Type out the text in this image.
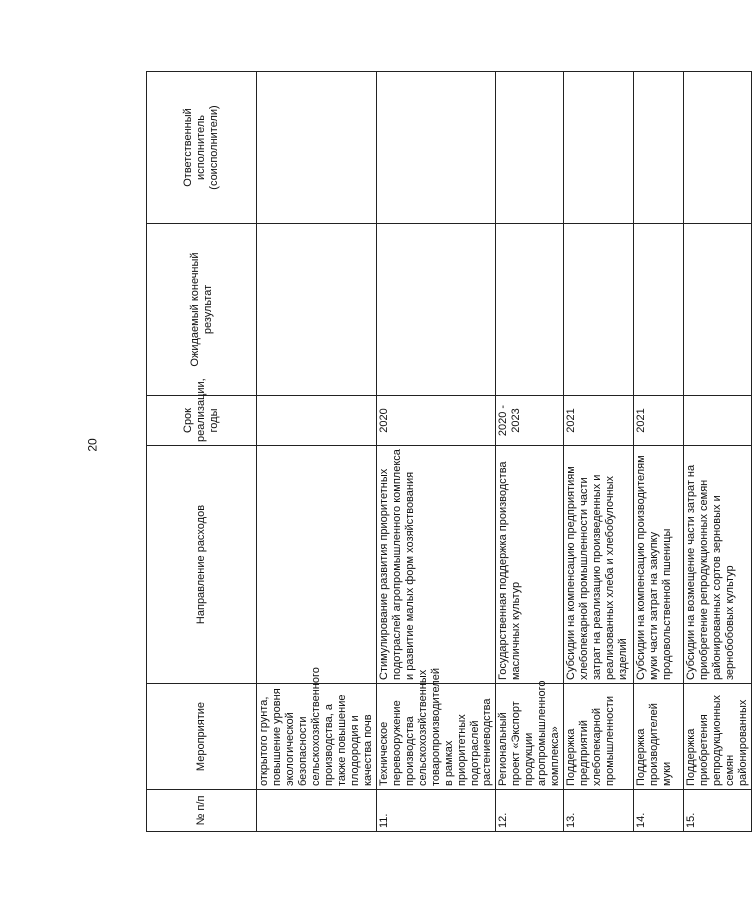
20
№ п/п	Мероприятие	Направление расходов	Срок реализации, годы	Ожидаемый конечный результат	Ответственный исполнитель (соисполнители)
	открытого грунта, повышение уровня экологической безопасности сельскохозяйственного производства, а также повышение плодородия и качества почв				
11.	Техническое перевооружение производства сельскохозяйственных товаропроизводителей в рамках приоритетных подотраслей растениеводства	Стимулирование развития приоритетных подотраслей агропромышленного комплекса и развитие малых форм хозяйствования	2020		
12.	Региональный проект «Экспорт продукции агропромышленного комплекса»	Государственная поддержка производства масличных культур	2020 - 2023		
13.	Поддержка предприятий хлебопекарной промышленности	Субсидии на компенсацию предприятиям хлебопекарной промышленности части затрат на реализацию произведенных и реализованных хлеба и хлебобулочных изделий	2021		
14.	Поддержка производителей муки	Субсидии на компенсацию производителям муки части затрат на закупку продовольственной пшеницы	2021		
15.	Поддержка приобретения репродукционных семян районированных	Субсидии на возмещение части затрат на приобретение репродукционных семян районированных сортов зерновых и зернобобовых культур			
